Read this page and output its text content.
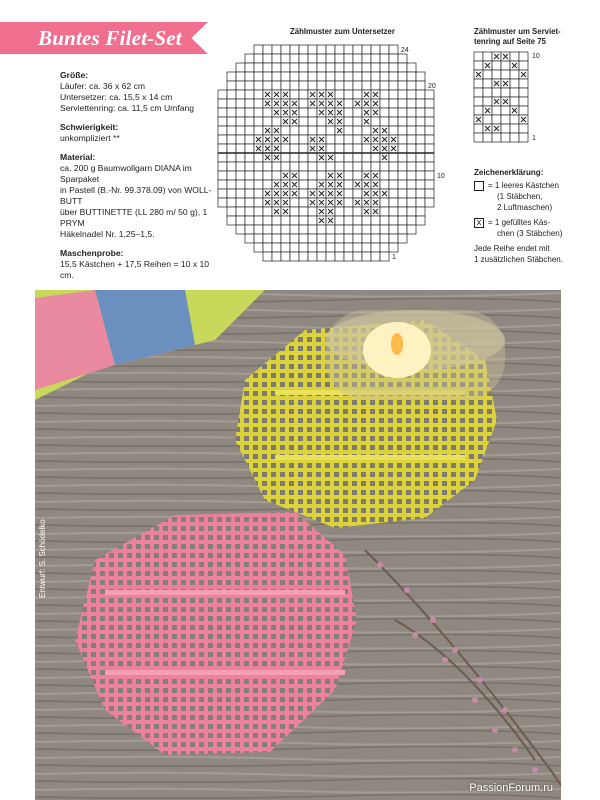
Buntes Filet-Set
Größe:

Läufer: ca. 36 x 62 cm
Untersetzer: ca. 15,5 x 14 cm
Serviettenring: ca. 11,5 cm Umfang

Schwierigkeit:

unkompliziert **

Material:

ca. 200 g Baumwollgarn DIANA im Sparpaket
in Pastell (B.-Nr. 99.378.09) von WOLL-BUTT
über BUTTINETTE (LL 280 m/ 50 g), 1 PRYM
Häkelnadel Nr. 1,25–1,5.

Maschenprobe:

15,5 Kästchen + 17,5 Reihen = 10 x 10 cm.

Zählmuster zum Untersetzer
24
20
10
1
10
1
Zählmuster um Serviet-
tenring auf Seite 75
Zeichenerklärung:
= 1 leeres Kästchen
(1 Stäbchen,
2 Luftmaschen)
x = 1 gefülltes Käs-
chen (3 Stäbchen)
Jede Reihe endet mit
1 zusätzlichen Stäbchen.
PassionForum.ru
Entwurf: S. Schödelko
